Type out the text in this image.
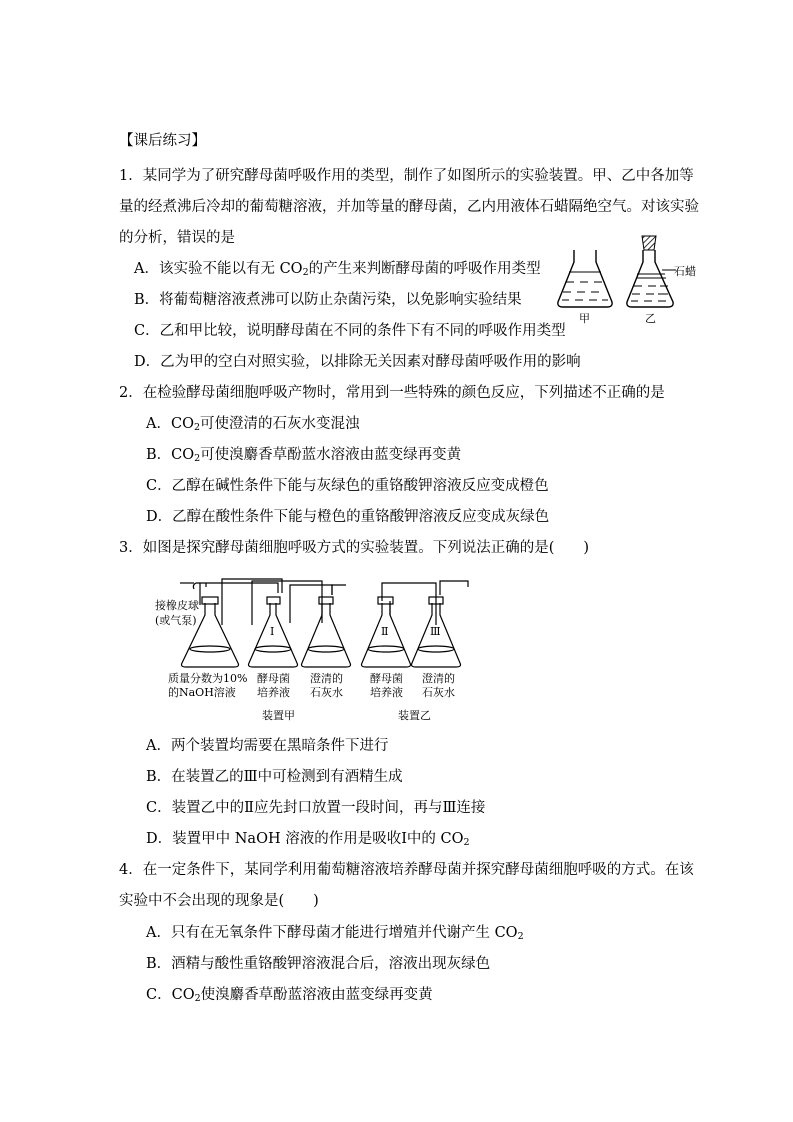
【课后练习】
1．某同学为了研究酵母菌呼吸作用的类型，制作了如图所示的实验装置。甲、乙中各加等
量的经煮沸后冷却的葡萄糖溶液，并加等量的酵母菌，乙内用液体石蜡隔绝空气。对该实验
的分析，错误的是
A．该实验不能以有无 $CO_2$的产生来判断酵母菌的呼吸作用类型
B．将葡萄糖溶液煮沸可以防止杂菌污染，以免影响实验结果
C．乙和甲比较，说明酵母菌在不同的条件下有不同的呼吸作用类型
D．乙为甲的空白对照实验，以排除无关因素对酵母菌呼吸作用的影响
石蜡
甲	乙
2．在检验酵母菌细胞呼吸产物时，常用到一些特殊的颜色反应，下列描述不正确的是
A．$CO_2$可使澄清的石灰水变混浊
B．$CO_2$可使溴麝香草酚蓝水溶液由蓝变绿再变黄
C．乙醇在碱性条件下能与灰绿色的重铬酸钾溶液反应变成橙色
D．乙醇在酸性条件下能与橙色的重铬酸钾溶液反应变成灰绿色
3．如图是探究酵母菌细胞呼吸方式的实验装置。下列说法正确的是(　　)
接橡皮球
(或气泵)
Ⅰ	Ⅱ	Ⅲ
质量分数为10%
的NaOH溶液
酵母菌
培养液
澄清的
石灰水
酵母菌
培养液
澄清的
石灰水
装置甲	装置乙
A．两个装置均需要在黑暗条件下进行
B．在装置乙的Ⅲ中可检测到有酒精生成
C．装置乙中的Ⅱ应先封口放置一段时间，再与Ⅲ连接
D．装置甲中 NaOH 溶液的作用是吸收Ⅰ中的 $CO_2$
4．在一定条件下，某同学利用葡萄糖溶液培养酵母菌并探究酵母菌细胞呼吸的方式。在该
实验中不会出现的现象是(　　)
A．只有在无氧条件下酵母菌才能进行增殖并代谢产生 $CO_2$
B．酒精与酸性重铬酸钾溶液混合后，溶液出现灰绿色
C．$CO_2$使溴麝香草酚蓝溶液由蓝变绿再变黄
